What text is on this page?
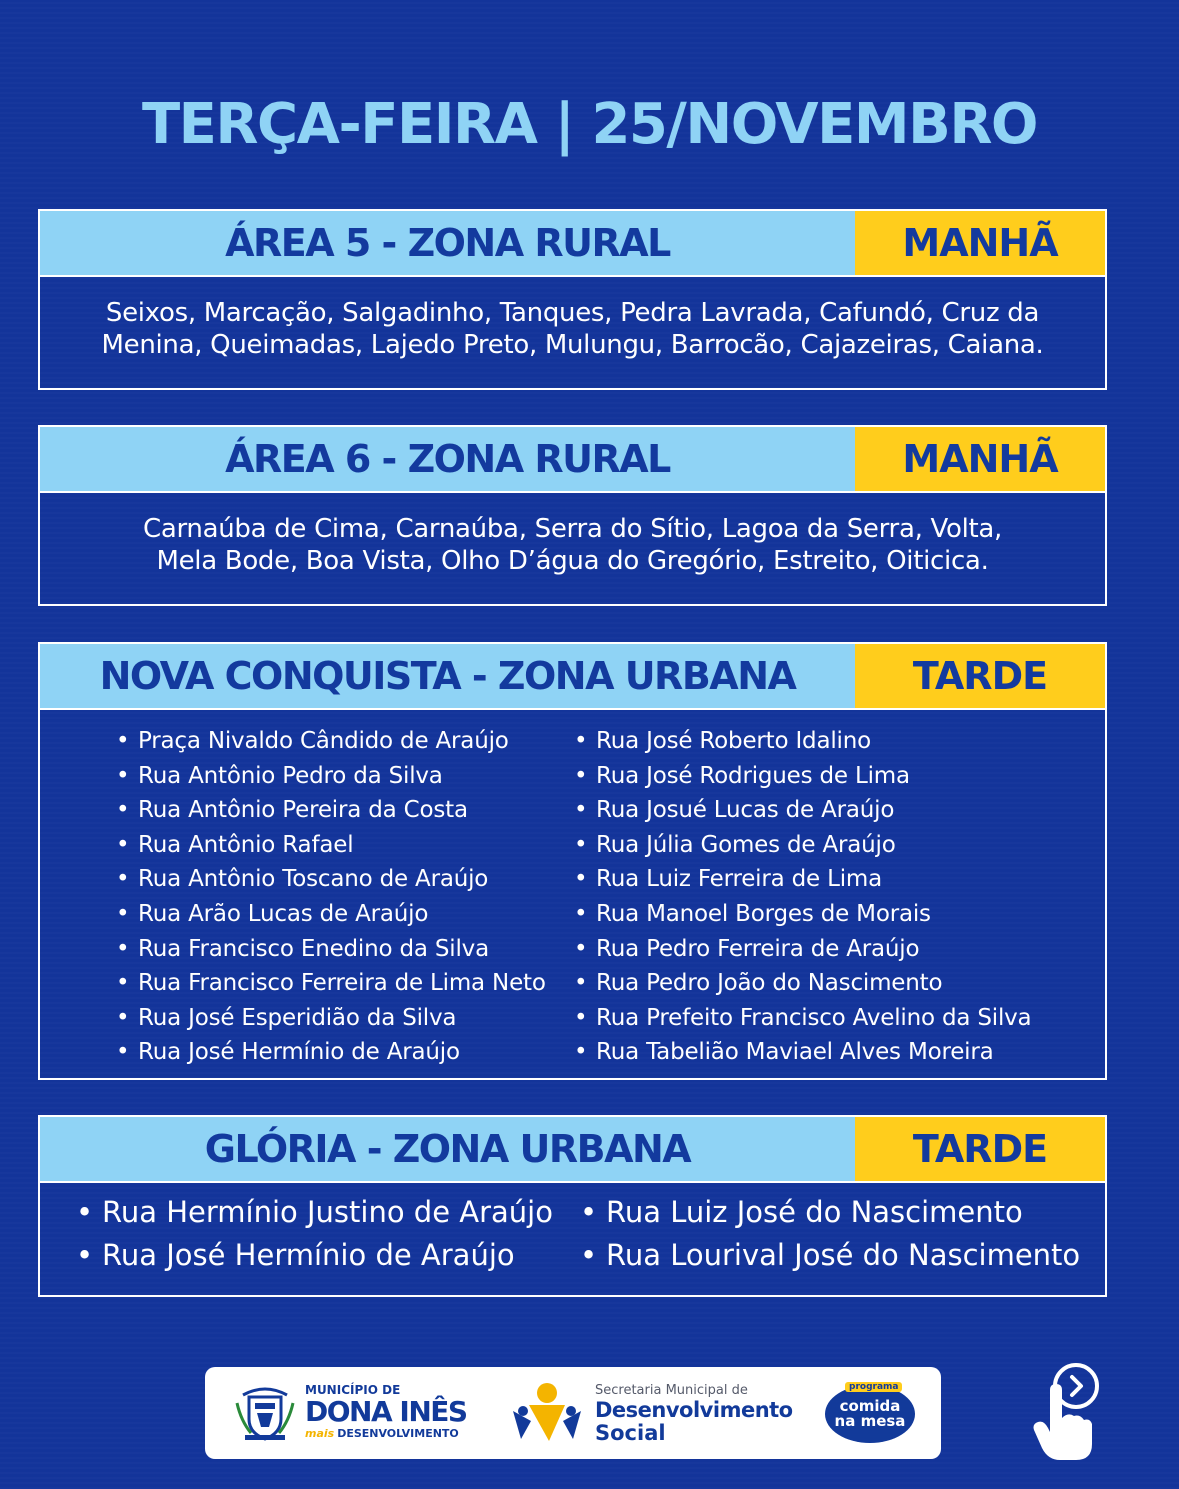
TERÇA-FEIRA | 25/NOVEMBRO
ÁREA 5 - ZONA RURAL	MANHÃ
Seixos, Marcação, Salgadinho, Tanques, Pedra Lavrada, Cafundó, Cruz da
Menina, Queimadas, Lajedo Preto, Mulungu, Barrocão, Cajazeiras, Caiana.
ÁREA 6 - ZONA RURAL	MANHÃ
Carnaúba de Cima, Carnaúba, Serra do Sítio, Lagoa da Serra, Volta,
Mela Bode, Boa Vista, Olho D’água do Gregório, Estreito, Oiticica.
NOVA CONQUISTA - ZONA URBANA	TARDE
• Praça Nivaldo Cândido de Araújo
• Rua Antônio Pedro da Silva
• Rua Antônio Pereira da Costa
• Rua Antônio Rafael
• Rua Antônio Toscano de Araújo
• Rua Arão Lucas de Araújo
• Rua Francisco Enedino da Silva
• Rua Francisco Ferreira de Lima Neto
• Rua José Esperidião da Silva
• Rua José Hermínio de Araújo
• Rua José Roberto Idalino
• Rua José Rodrigues de Lima
• Rua Josué Lucas de Araújo
• Rua Júlia Gomes de Araújo
• Rua Luiz Ferreira de Lima
• Rua Manoel Borges de Morais
• Rua Pedro Ferreira de Araújo
• Rua Pedro João do Nascimento
• Rua Prefeito Francisco Avelino da Silva
• Rua Tabelião Maviael Alves Moreira
GLÓRIA - ZONA URBANA	TARDE
• Rua Hermínio Justino de Araújo
• Rua José Hermínio de Araújo
• Rua Luiz José do Nascimento
• Rua Lourival José do Nascimento
MUNICÍPIO DE
DONA INÊS
mais DESENVOLVIMENTO
Secretaria Municipal de
Desenvolvimento
Social
programa
comida
na mesa
